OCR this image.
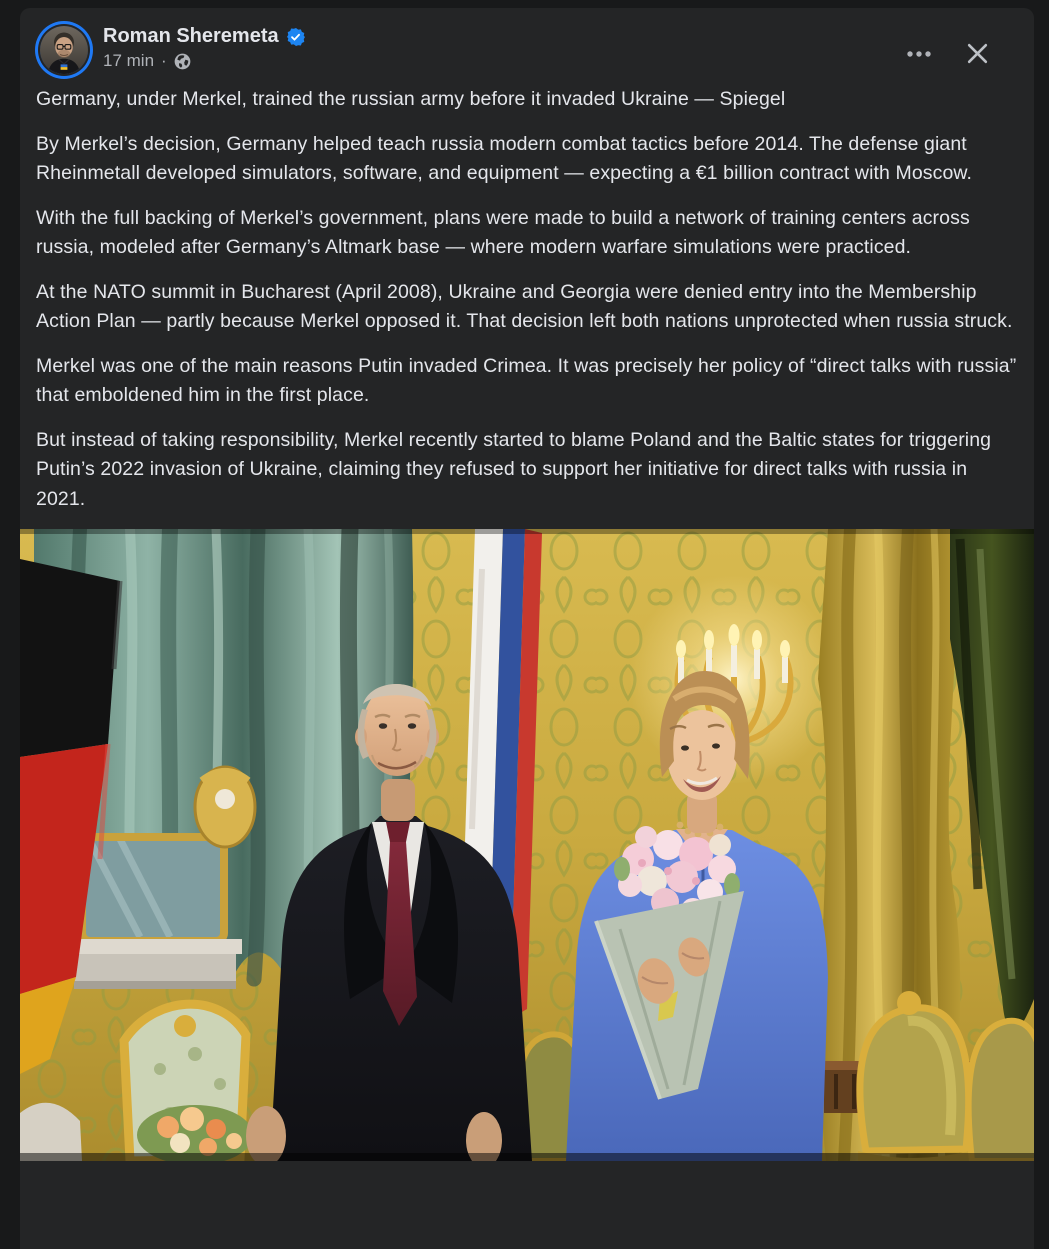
Roman Sheremeta
17 min ·

Germany, under Merkel, trained the russian army before it invaded Ukraine — Spiegel

By Merkel’s decision, Germany helped teach russia modern combat tactics before 2014. The defense giant Rheinmetall developed simulators, software, and equipment — expecting a €1 billion contract with Moscow.

With the full backing of Merkel’s government, plans were made to build a network of training centers across russia, modeled after Germany’s Altmark base — where modern warfare simulations were practiced.

At the NATO summit in Bucharest (April 2008), Ukraine and Georgia were denied entry into the Membership Action Plan — partly because Merkel opposed it. That decision left both nations unprotected when russia struck.

Merkel was one of the main reasons Putin invaded Crimea. It was precisely her policy of “direct talks with russia” that emboldened him in the first place.

But instead of taking responsibility, Merkel recently started to blame Poland and the Baltic states for triggering Putin’s 2022 invasion of Ukraine, claiming they refused to support her initiative for direct talks with russia in 2021.
